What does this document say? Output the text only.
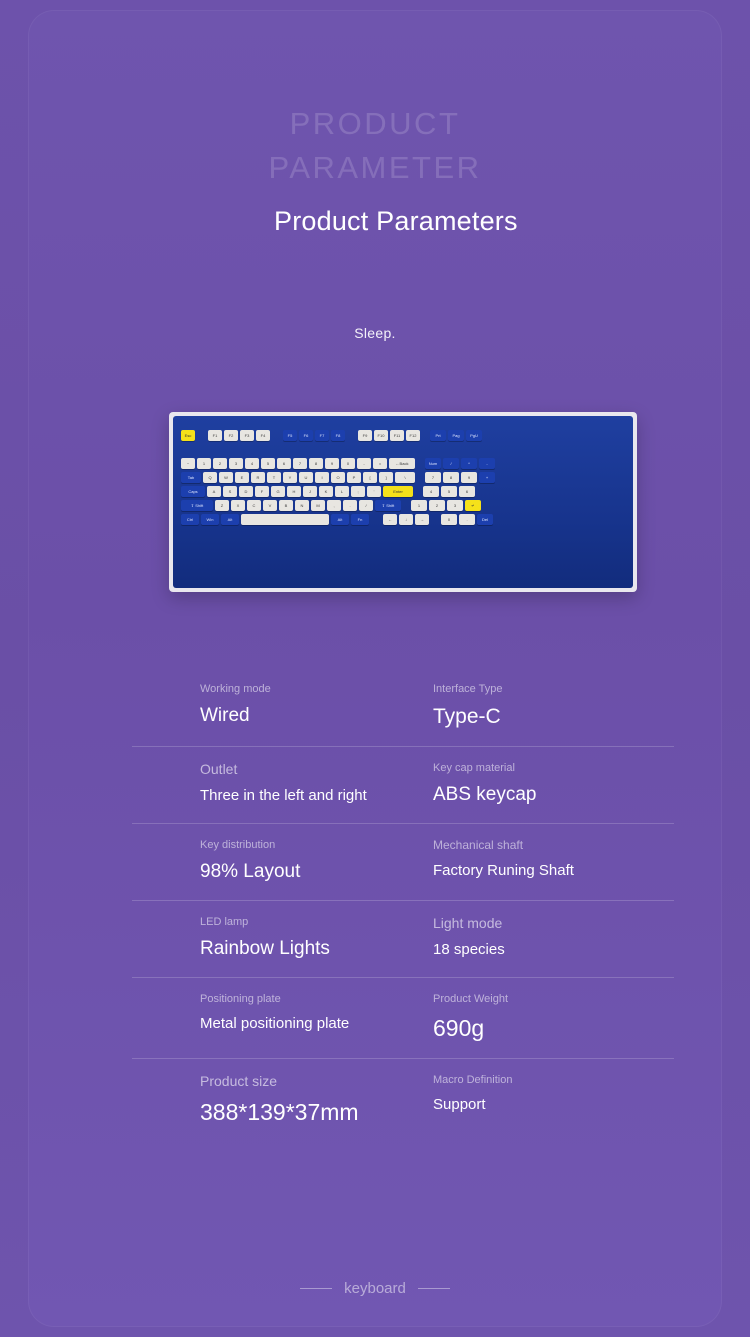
PRODUCT
PARAMETER
Product Parameters
Sleep.
Esc	F1	F2	F3	F4	F5	F6	F7	F8	F9	F10	F11	F12	Prt	Pag	PgU
~	1	2	3	4	5	6	7	8	9	0	-	=	←Back	Num	/	*	-
Tab	Q	W	E	R	T	Y	U	I	O	P	[	]	\	7	8	9	+
Caps	A	S	D	F	G	H	J	K	L	;	'	Enter	4	5	6
⇧ Shift	Z	X	C	V	B	N	M	,	.	/	⇧ Shift	1	2	3	↵
Ctrl	Win	Alt	Alt	Fn	←	↓	→	0	.	Del
Working mode
Wired
Interface Type
Type-C
Outlet
Three in the left and right
Key cap material
ABS keycap
Key distribution
98% Layout
Mechanical shaft
Factory Runing Shaft
LED lamp
Rainbow Lights
Light mode
18 species
Positioning plate
Metal positioning plate
Product Weight
690g
Product size
388*139*37mm
Macro Definition
Support
keyboard
